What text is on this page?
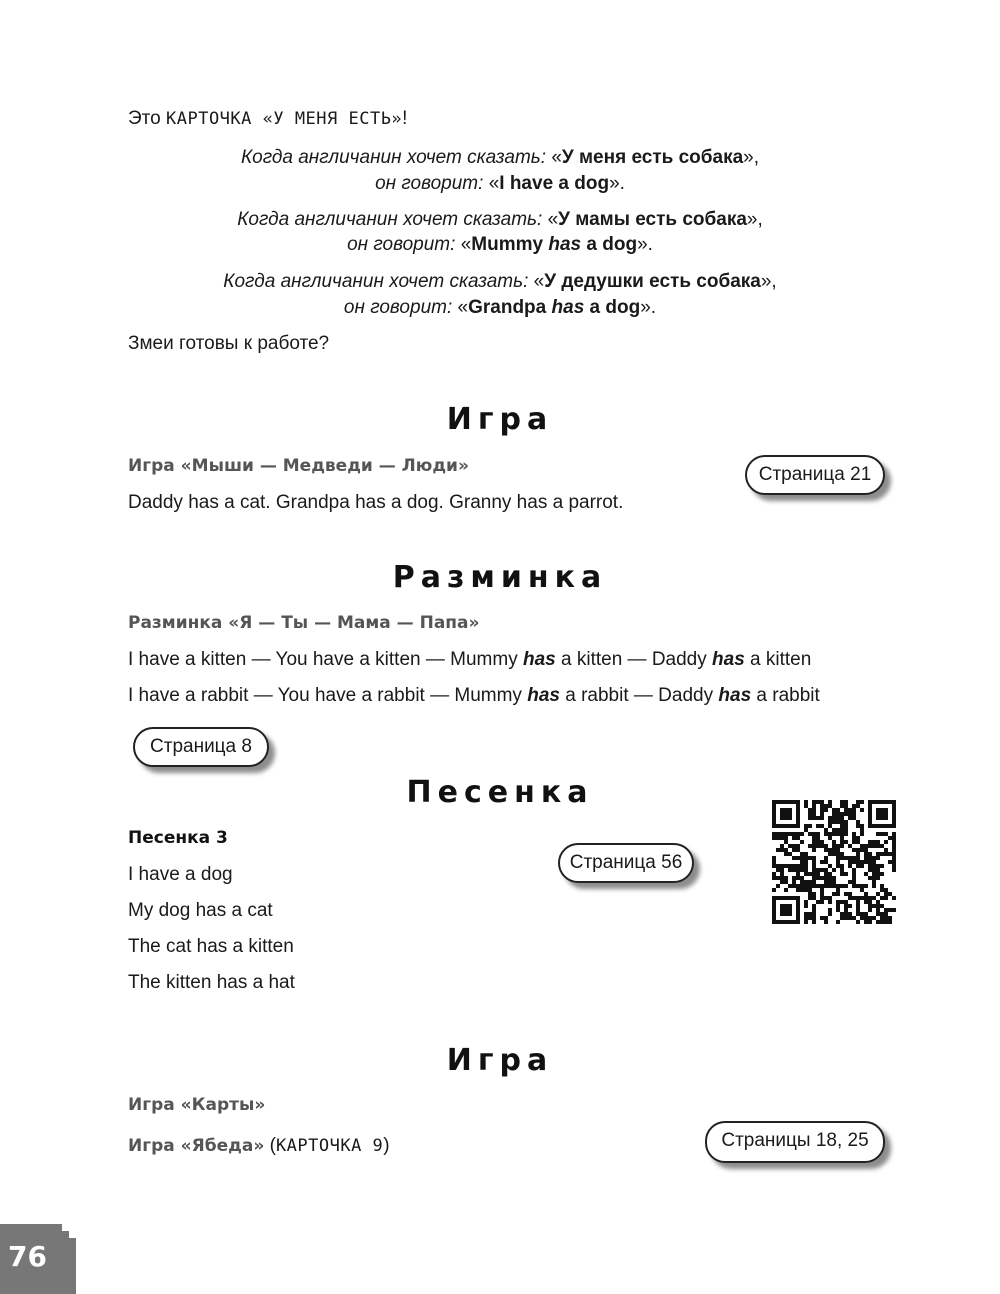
Это КАРТОЧКА «У МЕНЯ ЕСТЬ»!
Когда англичанин хочет сказать: «У меня есть собака»,
он говорит: «I have a dog».
Когда англичанин хочет сказать: «У мамы есть собака»,
он говорит: «Mummy has a dog».
Когда англичанин хочет сказать: «У дедушки есть собака»,
он говорит: «Grandpa has a dog».
Змеи готовы к работе?
Игра
Игра «Мыши — Медведи — Люди»
Daddy has a cat. Grandpa has a dog. Granny has a parrot.
Страница 21
Разминка
Разминка «Я — Ты — Мама — Папа»
I have a kitten — You have a kitten — Mummy has a kitten — Daddy has a kitten
I have a rabbit — You have a rabbit — Mummy has a rabbit — Daddy has a rabbit
Страница 8
Песенка
Песенка 3
I have a dog
My dog has a cat
The cat has a kitten
The kitten has a hat
Страница 56
Игра
Игра «Карты»
Игра «Ябеда» (КАРТОЧКА 9)	Страницы 18, 25
76
